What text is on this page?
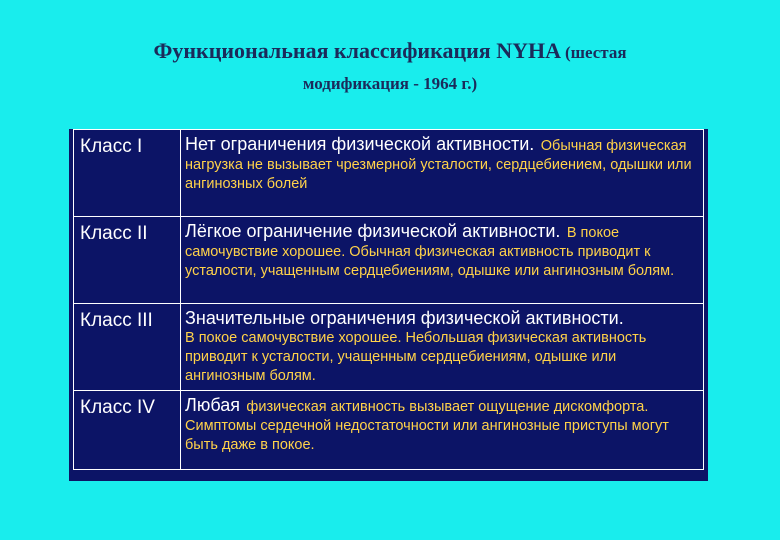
Функциональная классификация NYHA (шестая
модификация - 1964 г.)
Класс I	Нет ограничения физической активности. Обычная физическая нагрузка не вызывает чрезмерной усталости, сердцебиением, одышки или ангинозных болей
Класс II	Лёгкое ограничение физической активности. В покое самочувствие хорошее. Обычная физическая активность приводит к усталости, учащенным сердцебиениям, одышке или ангинозным болям.
Класс III	Значительные ограничения физической активности.
В покое самочувствие хорошее. Небольшая физическая активность приводит к усталости, учащенным сердцебиениям, одышке или ангинозным болям.
Класс IV	Любая физическая активность вызывает ощущение дискомфорта. Симптомы сердечной недостаточности или ангинозные приступы могут быть даже в покое.
